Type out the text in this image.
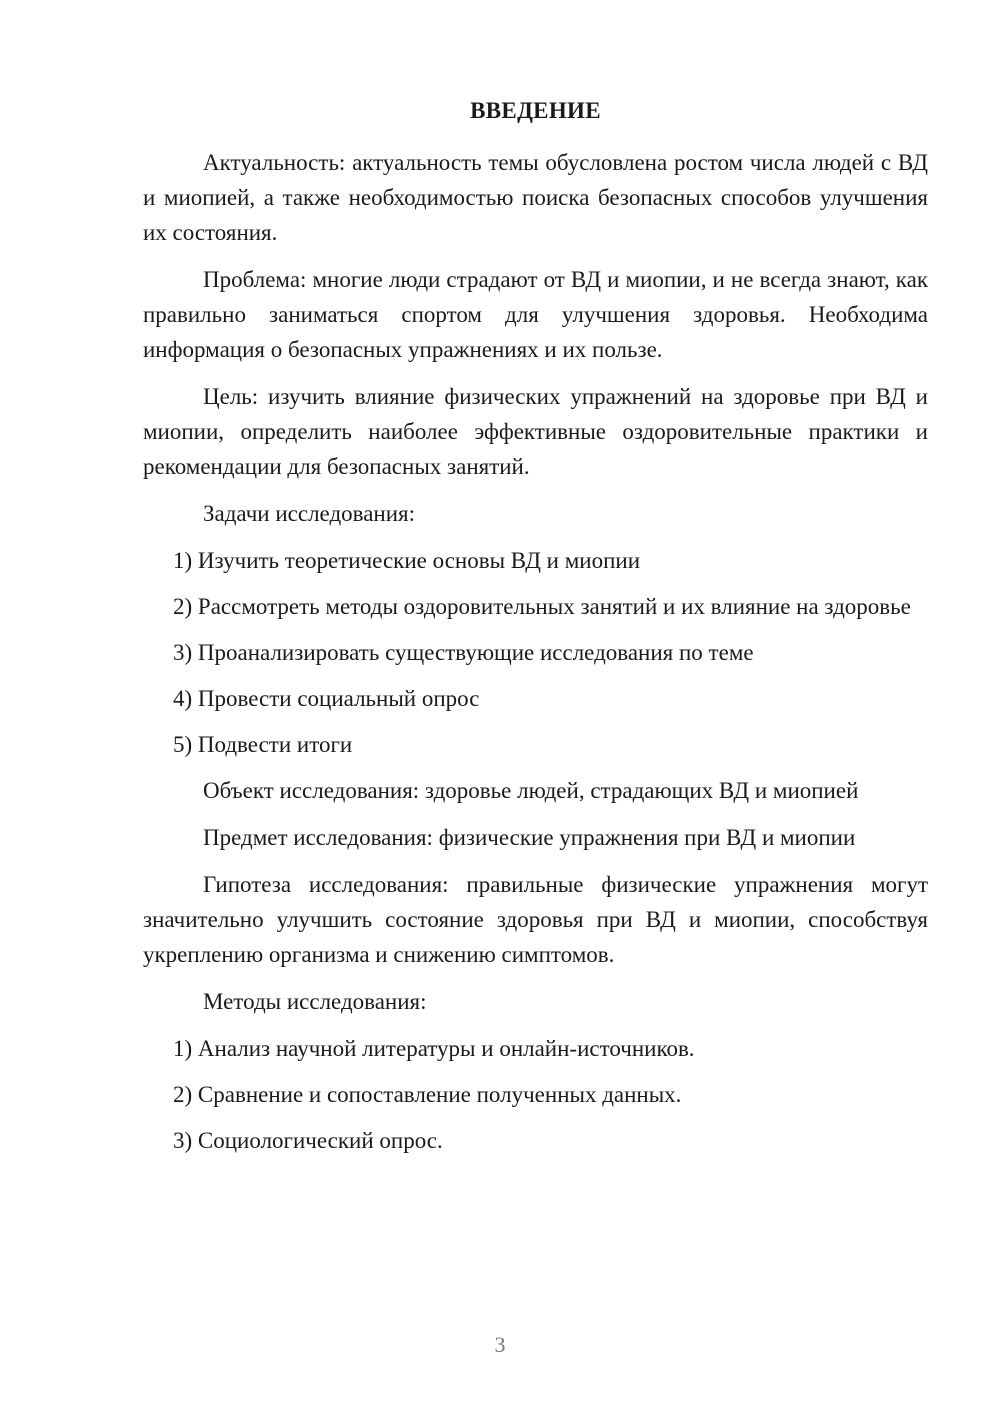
ВВЕДЕНИЕ

Актуальность: актуальность темы обусловлена ростом числа людей с ВД и миопией, а также необходимостью поиска безопасных способов улучшения их состояния.

Проблема: многие люди страдают от ВД и миопии, и не всегда знают, как правильно заниматься спортом для улучшения здоровья. Необходима информация о безопасных упражнениях и их пользе.

Цель: изучить влияние физических упражнений на здоровье при ВД и миопии, определить наиболее эффективные оздоровительные практики и рекомендации для безопасных занятий.

Задачи исследования:

1) Изучить теоретические основы ВД и миопии

2) Рассмотреть методы оздоровительных занятий и их влияние на здоровье

3) Проанализировать существующие исследования по теме

4) Провести социальный опрос

5) Подвести итоги

Объект исследования: здоровье людей, страдающих ВД и миопией

Предмет исследования: физические упражнения при ВД и миопии

Гипотеза исследования: правильные физические упражнения могут значительно улучшить состояние здоровья при ВД и миопии, способствуя укреплению организма и снижению симптомов.

Методы исследования:

1) Анализ научной литературы и онлайн-источников.

2) Сравнение и сопоставление полученных данных.

3) Социологический опрос.

3
